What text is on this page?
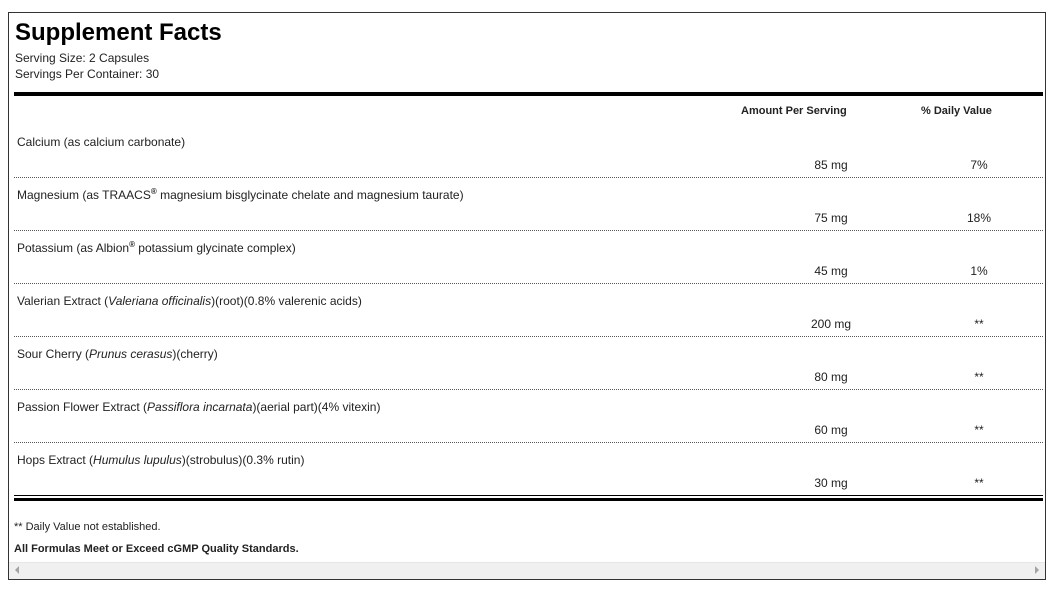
Supplement Facts
Serving Size: 2 Capsules
Servings Per Container: 30
Amount Per Serving	% Daily Value
Calcium (as calcium carbonate)
85 mg	7%
Magnesium (as TRAACS® magnesium bisglycinate chelate and magnesium taurate)
75 mg	18%
Potassium (as Albion® potassium glycinate complex)
45 mg	1%
Valerian Extract (Valeriana officinalis)(root)(0.8% valerenic acids)
200 mg	**
Sour Cherry (Prunus cerasus)(cherry)
80 mg	**
Passion Flower Extract (Passiflora incarnata)(aerial part)(4% vitexin)
60 mg	**
Hops Extract (Humulus lupulus)(strobulus)(0.3% rutin)
30 mg	**
** Daily Value not established.
All Formulas Meet or Exceed cGMP Quality Standards.
